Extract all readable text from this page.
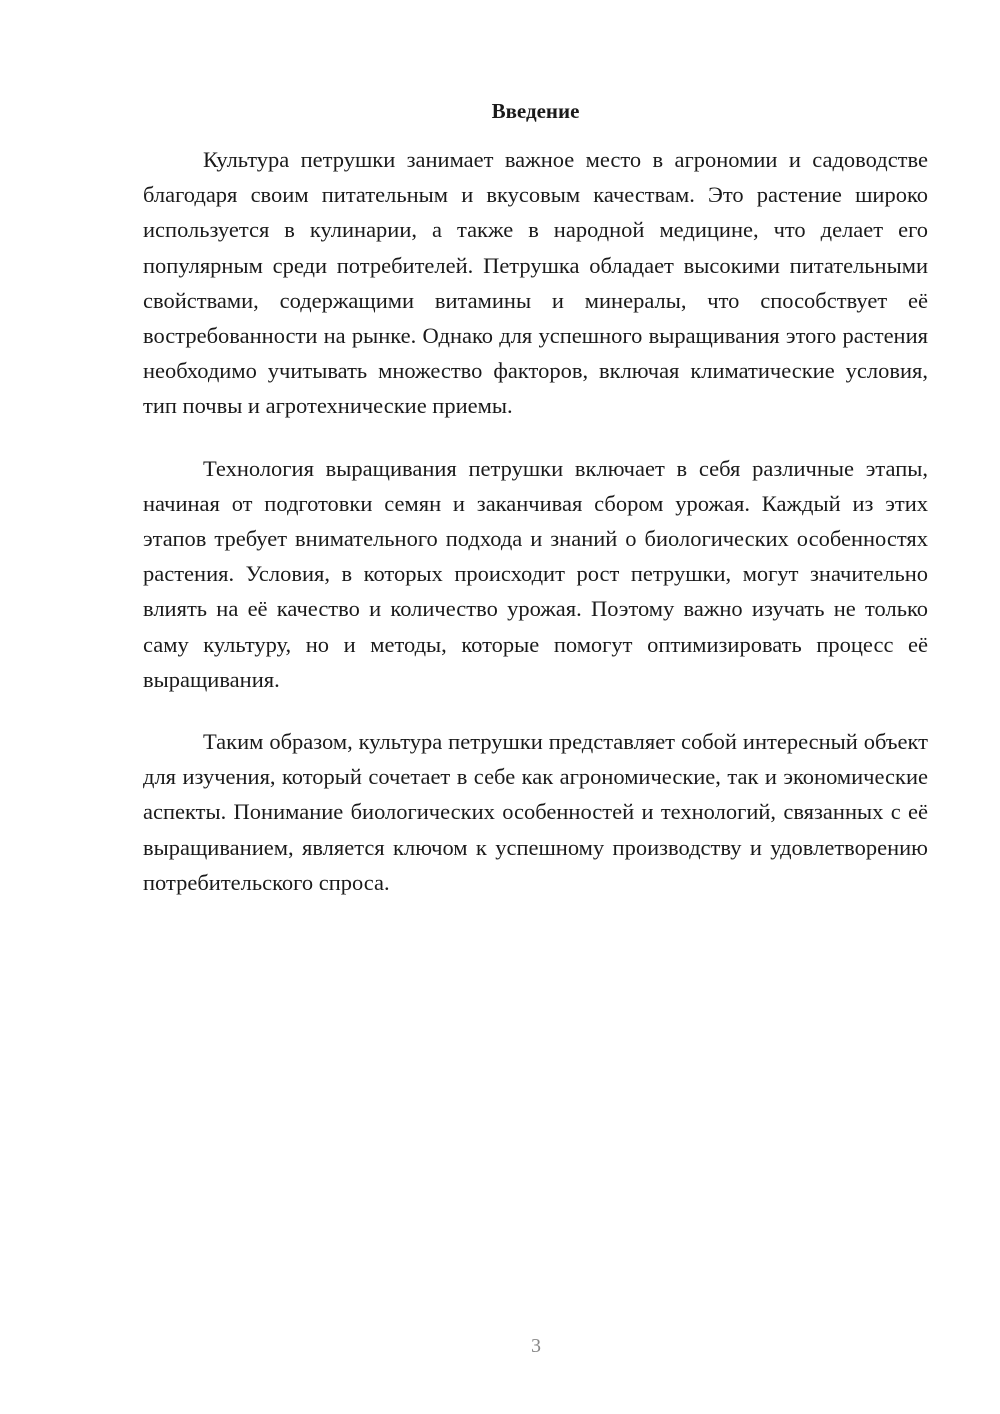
Введение

Культура петрушки занимает важное место в агрономии и садоводстве благодаря своим питательным и вкусовым качествам. Это растение широко используется в кулинарии, а также в народной медицине, что делает его популярным среди потребителей. Петрушка обладает высокими питательными свойствами, содержащими витамины и минералы, что способствует её востребованности на рынке. Однако для успешного выращивания этого растения необходимо учитывать множество факторов, включая климатические условия, тип почвы и агротехнические приемы.

Технология выращивания петрушки включает в себя различные этапы, начиная от подготовки семян и заканчивая сбором урожая. Каждый из этих этапов требует внимательного подхода и знаний о биологических особенностях растения. Условия, в которых происходит рост петрушки, могут значительно влиять на её качество и количество урожая. Поэтому важно изучать не только саму культуру, но и методы, которые помогут оптимизировать процесс её выращивания.

Таким образом, культура петрушки представляет собой интересный объект для изучения, который сочетает в себе как агрономические, так и экономические аспекты. Понимание биологических особенностей и технологий, связанных с её выращиванием, является ключом к успешному производству и удовлетворению потребительского спроса.

3
